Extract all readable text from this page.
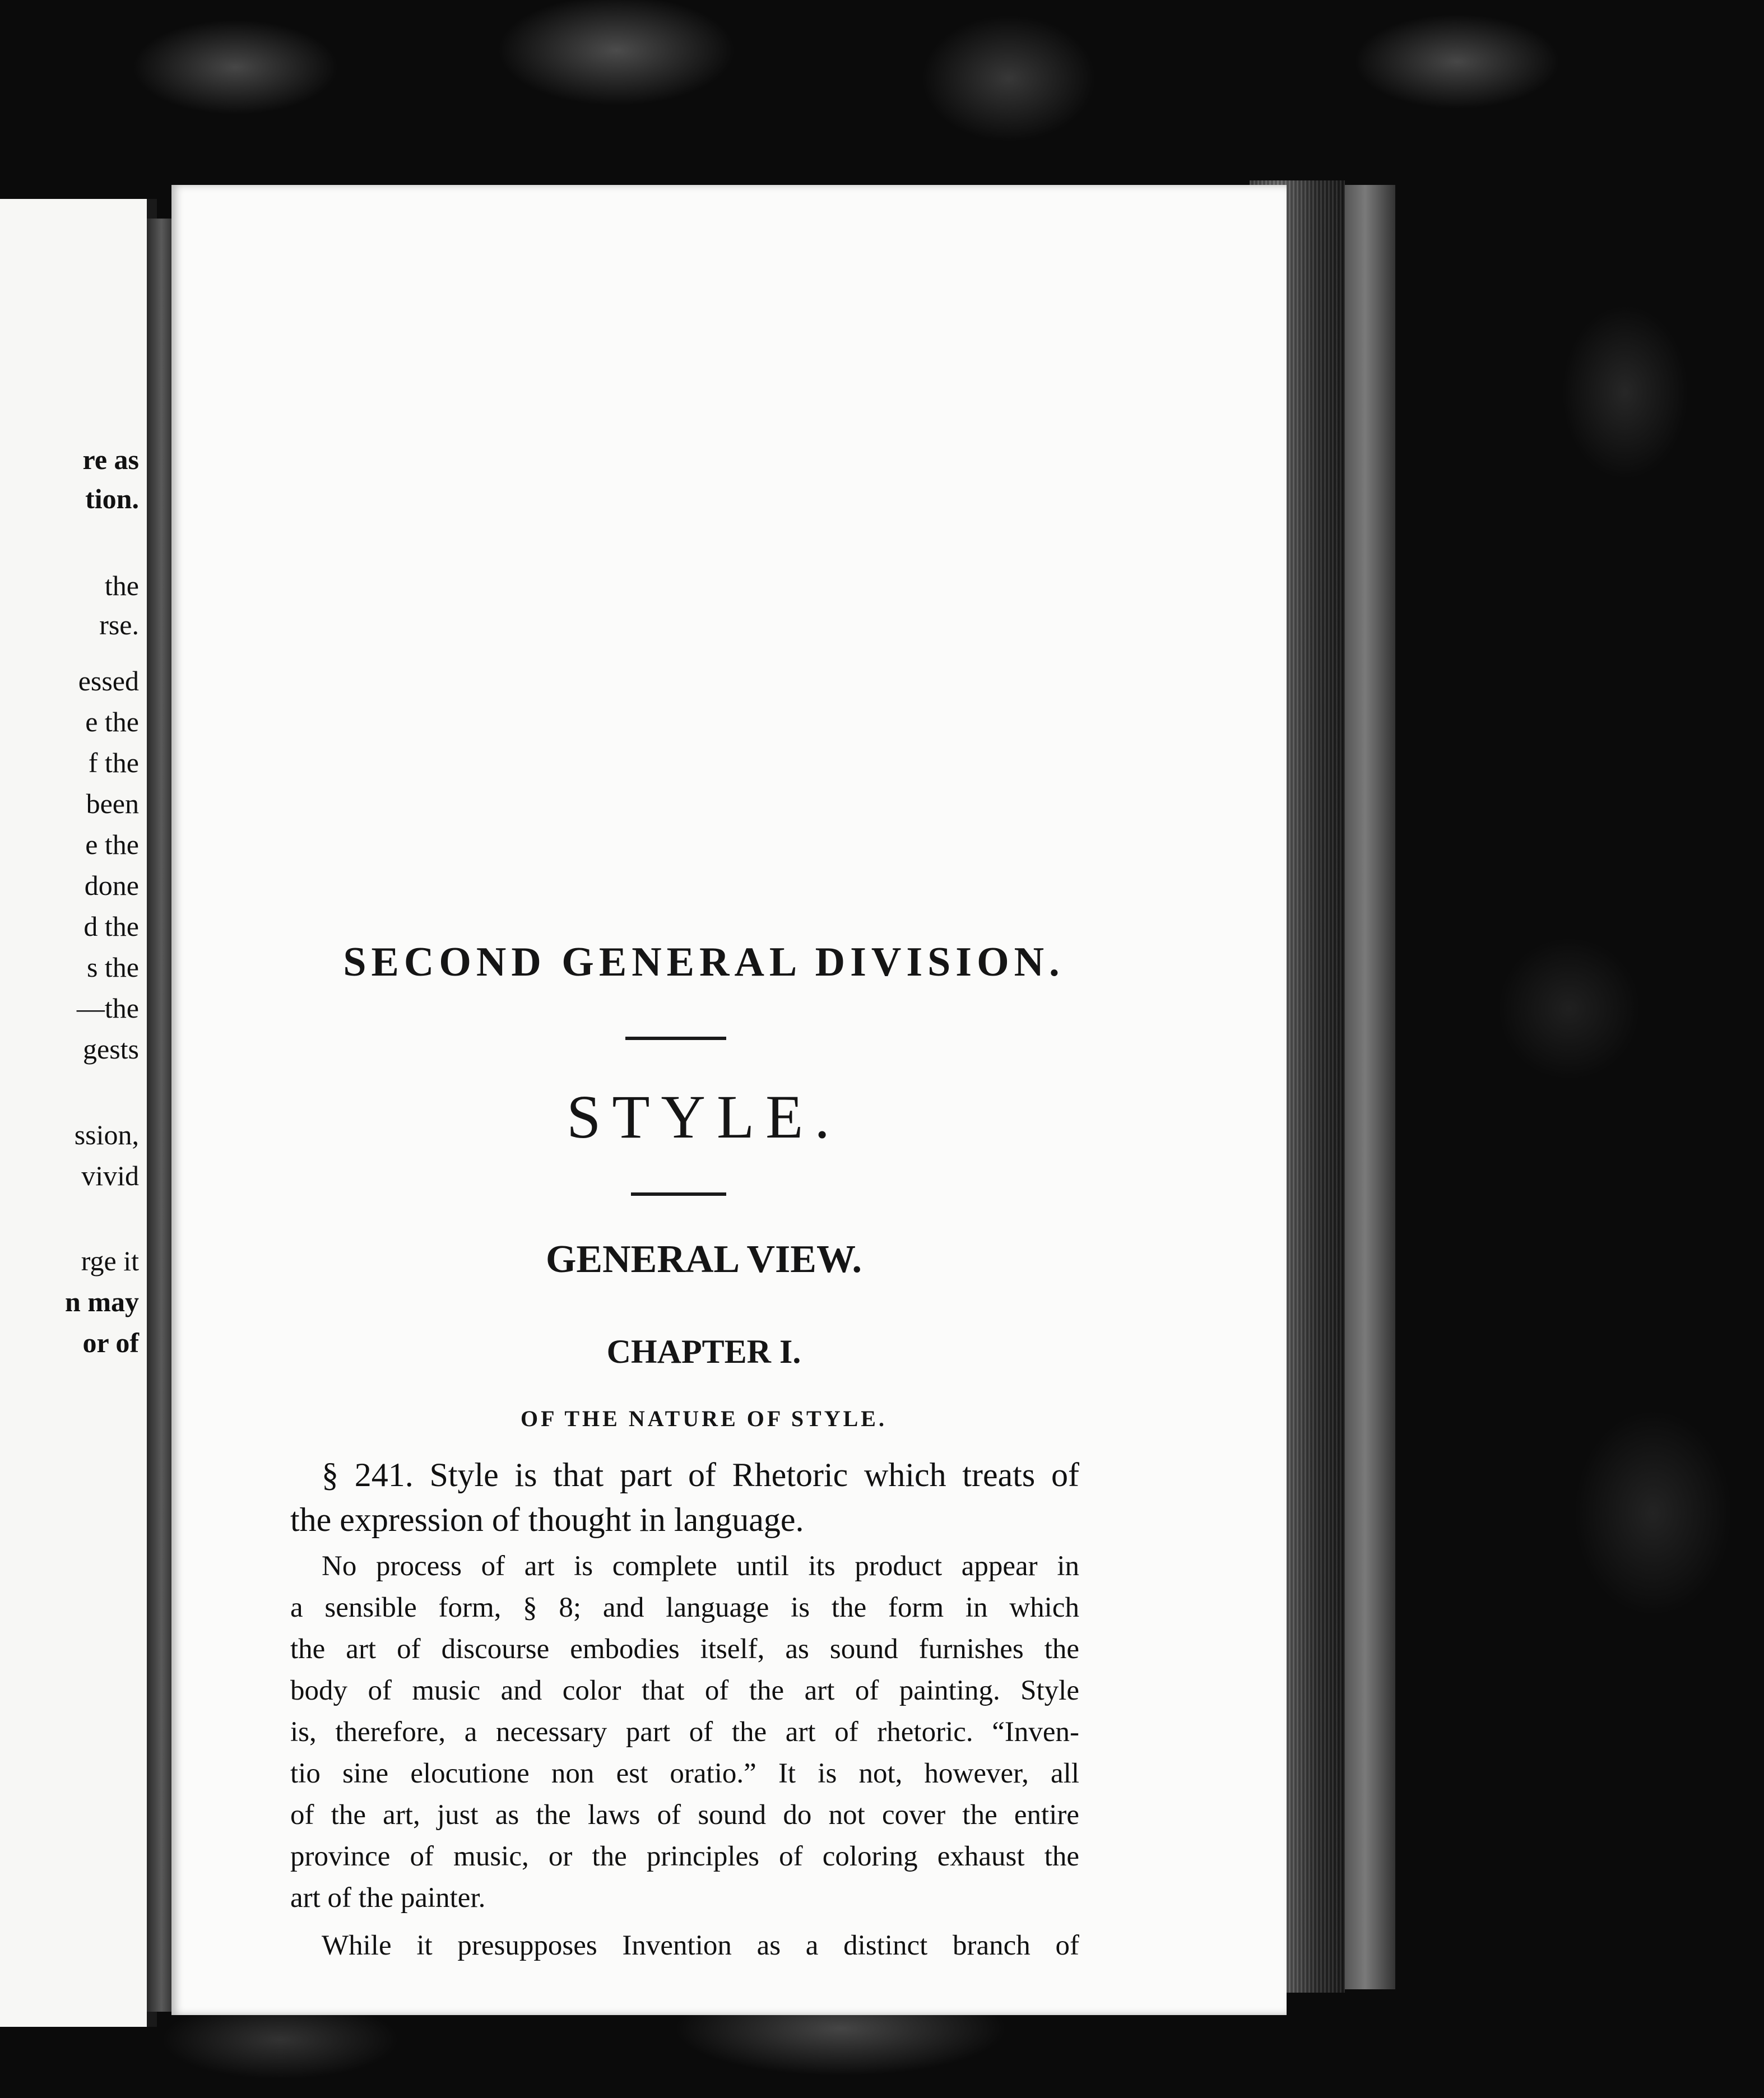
re as
tion.
the
rse.
essed
e the
f the
been
e the
done
d the
s the
—the
gests
ssion,
vivid
rge it
n may
or of
SECOND GENERAL DIVISION.
STYLE.
GENERAL VIEW.
CHAPTER I.
OF THE NATURE OF STYLE.
§ 241. Style is that part of Rhetoric which treats of
the expression of thought in language.
No process of art is complete until its product appear in
a sensible form, § 8; and language is the form in which
the art of discourse embodies itself, as sound furnishes the
body of music and color that of the art of painting. Style
is, therefore, a necessary part of the art of rhetoric. “Inven-
tio sine elocutione non est oratio.” It is not, however, all
of the art, just as the laws of sound do not cover the entire
province of music, or the principles of coloring exhaust the
art of the painter.
While it presupposes Invention as a distinct branch of
